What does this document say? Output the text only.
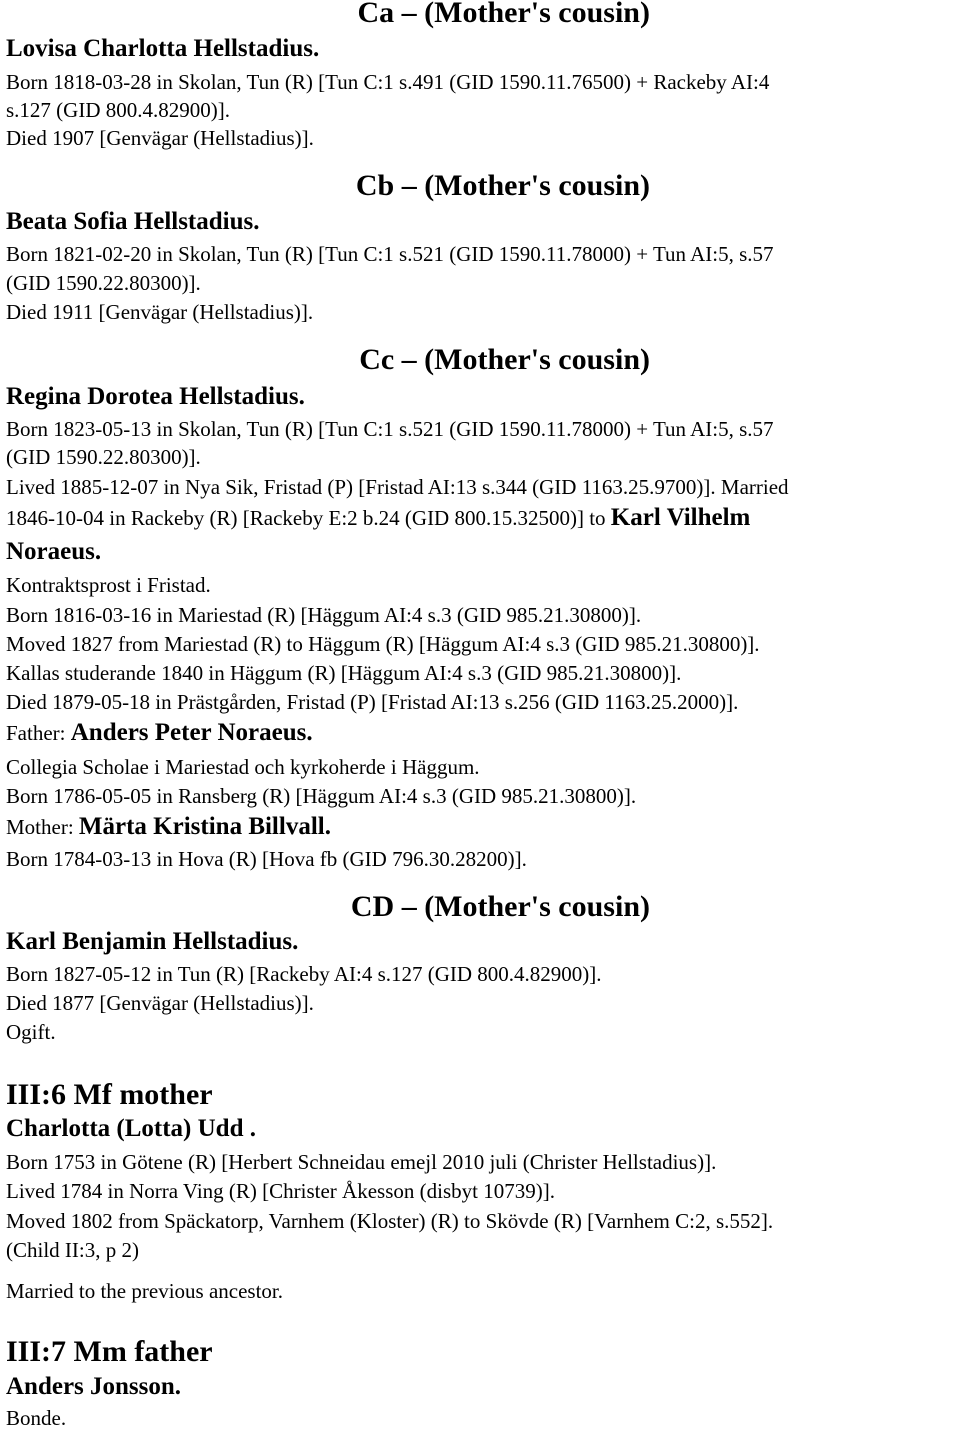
Ca – (Mother's cousin)
Lovisa Charlotta Hellstadius.
Born 1818-03-28 in Skolan, Tun (R) [Tun C:1 s.491 (GID 1590.11.76500) + Rackeby AI:4
s.127 (GID 800.4.82900)].
Died 1907 [Genvägar (Hellstadius)].
Cb – (Mother's cousin)
Beata Sofia Hellstadius.
Born 1821-02-20 in Skolan, Tun (R) [Tun C:1 s.521 (GID 1590.11.78000) + Tun AI:5, s.57
(GID 1590.22.80300)].
Died 1911 [Genvägar (Hellstadius)].
Cc – (Mother's cousin)
Regina Dorotea Hellstadius.
Born 1823-05-13 in Skolan, Tun (R) [Tun C:1 s.521 (GID 1590.11.78000) + Tun AI:5, s.57
(GID 1590.22.80300)].
Lived 1885-12-07 in Nya Sik, Fristad (P) [Fristad AI:13 s.344 (GID 1163.25.9700)]. Married
1846-10-04 in Rackeby (R) [Rackeby E:2 b.24 (GID 800.15.32500)] to Karl Vilhelm
Noraeus.
Kontraktsprost i Fristad.
Born 1816-03-16 in Mariestad (R) [Häggum AI:4 s.3 (GID 985.21.30800)].
Moved 1827 from Mariestad (R) to Häggum (R) [Häggum AI:4 s.3 (GID 985.21.30800)].
Kallas studerande 1840 in Häggum (R) [Häggum AI:4 s.3 (GID 985.21.30800)].
Died 1879-05-18 in Prästgården, Fristad (P) [Fristad AI:13 s.256 (GID 1163.25.2000)].
Father: Anders Peter Noraeus.
Collegia Scholae i Mariestad och kyrkoherde i Häggum.
Born 1786-05-05 in Ransberg (R) [Häggum AI:4 s.3 (GID 985.21.30800)].
Mother: Märta Kristina Billvall.
Born 1784-03-13 in Hova (R) [Hova fb (GID 796.30.28200)].
CD – (Mother's cousin)
Karl Benjamin Hellstadius.
Born 1827-05-12 in Tun (R) [Rackeby AI:4 s.127 (GID 800.4.82900)].
Died 1877 [Genvägar (Hellstadius)].
Ogift.
III:6 Mf mother
Charlotta (Lotta) Udd .
Born 1753 in Götene (R) [Herbert Schneidau emejl 2010 juli (Christer Hellstadius)].
Lived 1784 in Norra Ving (R) [Christer Åkesson (disbyt 10739)].
Moved 1802 from Späckatorp, Varnhem (Kloster) (R) to Skövde (R) [Varnhem C:2, s.552].
(Child II:3, p 2)
Married to the previous ancestor.
III:7 Mm father
Anders Jonsson.
Bonde.
